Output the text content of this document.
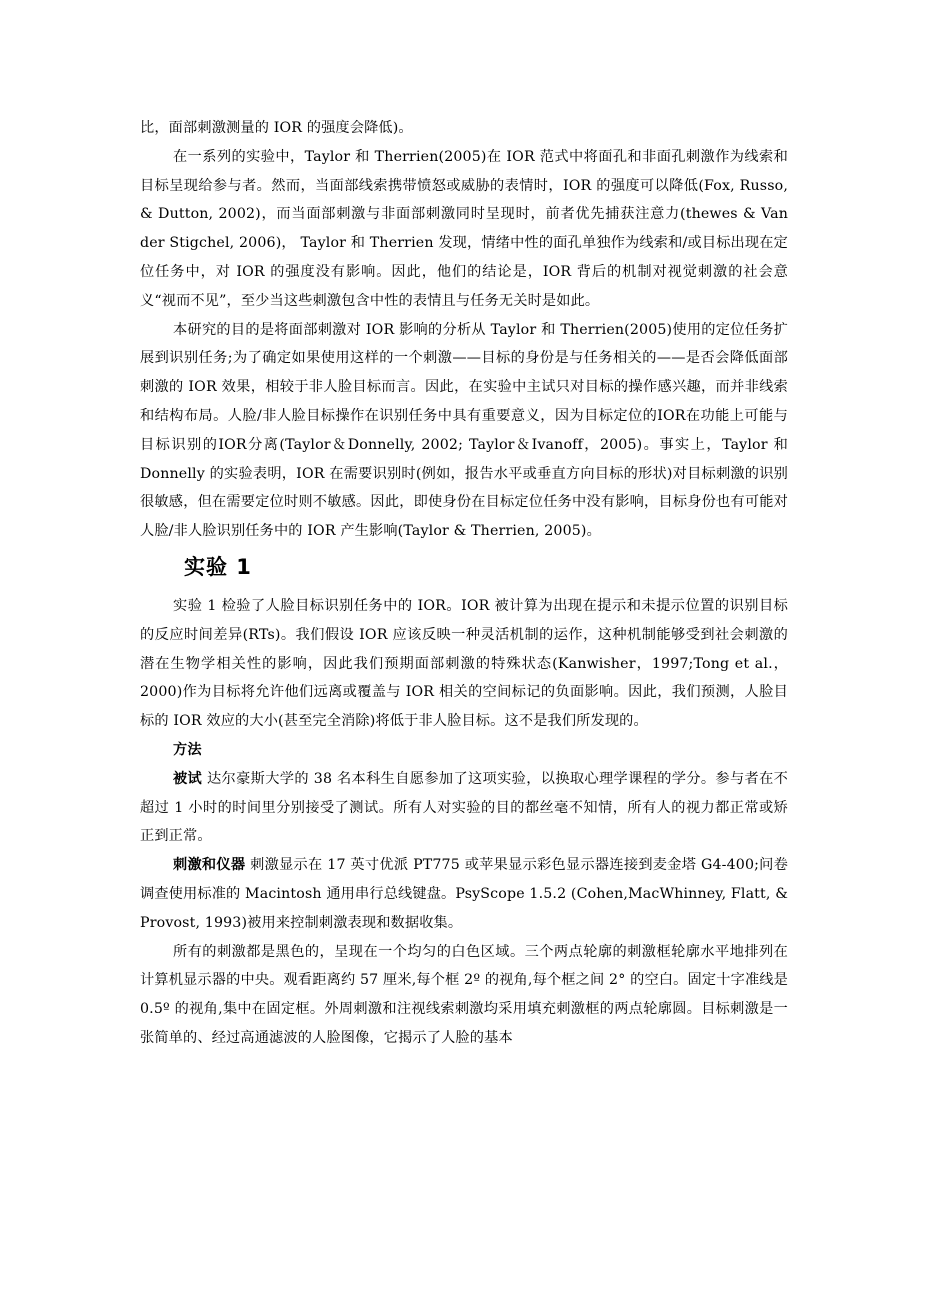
比，面部刺激测量的 IOR 的强度会降低)。

在一系列的实验中，Taylor 和 Therrien(2005)在 IOR 范式中将面孔和非面孔刺激作为线索和目标呈现给参与者。然而，当面部线索携带愤怒或威胁的表情时，IOR 的强度可以降低(Fox, Russo, & Dutton, 2002)，而当面部刺激与非面部刺激同时呈现时，前者优先捕获注意力(thewes & Van der Stigchel, 2006)， Taylor 和 Therrien 发现，情绪中性的面孔单独作为线索和/或目标出现在定位任务中，对 IOR 的强度没有影响。因此，他们的结论是，IOR 背后的机制对视觉刺激的社会意义“视而不见”，至少当这些刺激包含中性的表情且与任务无关时是如此。

本研究的目的是将面部刺激对 IOR 影响的分析从 Taylor 和 Therrien(2005)使用的定位任务扩展到识别任务;为了确定如果使用这样的一个刺激——目标的身份是与任务相关的——是否会降低面部刺激的 IOR 效果，相较于非人脸目标而言。因此，在实验中主试只对目标的操作感兴趣，而并非线索和结构布局。人脸/非人脸目标操作在识别任务中具有重要意义，因为目标定位的IOR在功能上可能与目标识别的IOR分离(Taylor＆Donnelly, 2002; Taylor＆Ivanoff，2005)。事实上，Taylor 和 Donnelly 的实验表明，IOR 在需要识别时(例如，报告水平或垂直方向目标的形状)对目标刺激的识别很敏感，但在需要定位时则不敏感。因此，即使身份在目标定位任务中没有影响，目标身份也有可能对人脸/非人脸识别任务中的 IOR 产生影响(Taylor & Therrien, 2005)。

实验 1

实验 1 检验了人脸目标识别任务中的 IOR。IOR 被计算为出现在提示和未提示位置的识别目标的反应时间差异(RTs)。我们假设 IOR 应该反映一种灵活机制的运作，这种机制能够受到社会刺激的潜在生物学相关性的影响，因此我们预期面部刺激的特殊状态(Kanwisher，1997;Tong et al.， 2000)作为目标将允许他们远离或覆盖与 IOR 相关的空间标记的负面影响。因此，我们预测，人脸目标的 IOR 效应的大小(甚至完全消除)将低于非人脸目标。这不是我们所发现的。

方法

被试 达尔豪斯大学的 38 名本科生自愿参加了这项实验，以换取心理学课程的学分。参与者在不超过 1 小时的时间里分别接受了测试。所有人对实验的目的都丝毫不知情，所有人的视力都正常或矫正到正常。

刺激和仪器 刺激显示在 17 英寸优派 PT775 或苹果显示彩色显示器连接到麦金塔 G4-400;问卷调查使用标准的 Macintosh 通用串行总线键盘。PsyScope 1.5.2 (Cohen,MacWhinney, Flatt, & Provost, 1993)被用来控制刺激表现和数据收集。

所有的刺激都是黑色的，呈现在一个均匀的白色区域。三个两点轮廓的刺激框轮廓水平地排列在计算机显示器的中央。观看距离约 57 厘米,每个框 2º 的视角,每个框之间 2° 的空白。固定十字准线是 0.5º 的视角,集中在固定框。外周刺激和注视线索刺激均采用填充刺激框的两点轮廓圆。目标刺激是一张简单的、经过高通滤波的人脸图像，它揭示了人脸的基本
